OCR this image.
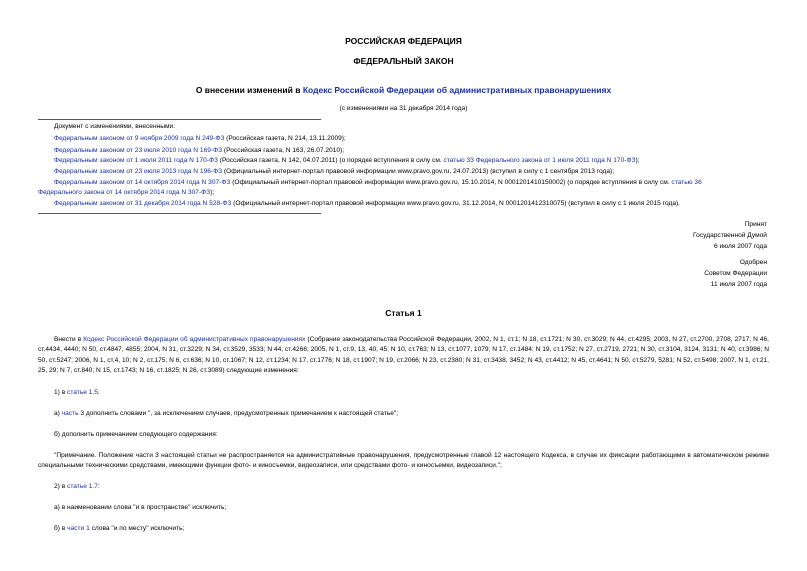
РОССИЙСКАЯ ФЕДЕРАЦИЯ
ФЕДЕРАЛЬНЫЙ ЗАКОН
О внесении изменений в Кодекс Российской Федерации об административных правонарушениях
(с изменениями на 31 декабря 2014 года)
Документ с изменениями, внесенными:
Федеральным законом от 9 ноября 2009 года N 249-ФЗ (Российская газета, N 214, 13.11.2009);
Федеральным законом от 23 июля 2010 года N 169-ФЗ (Российская газета, N 163, 26.07.2010);
Федеральным законом от 1 июля 2011 года N 170-ФЗ (Российская газета, N 142, 04.07.2011) (о порядке вступления в силу см. статью 33 Федерального закона от 1 июля 2011 года N 170-ФЗ);
Федеральным законом от 23 июля 2013 года N 196-ФЗ (Официальный интернет-портал правовой информации www.pravo.gov.ru, 24.07.2013) (вступил в силу с 1 сентября 2013 года);
Федеральным законом от 14 октября 2014 года N 307-ФЗ (Официальный интернет-портал правовой информации www.pravo.gov.ru, 15.10.2014, N 0001201410150002) (о порядке вступления в силу см. статью 36
Федерального закона от 14 октября 2014 года N 307-ФЗ);
Федеральным законом от 31 декабря 2014 года N 528-ФЗ (Официальный интернет-портал правовой информации www.pravo.gov.ru, 31.12.2014, N 0001201412310075) (вступил в силу с 1 июля 2015 года).
Принят
Государственной Думой
6 июля 2007 года
Одобрен
Советом Федерации
11 июля 2007 года
Статья 1
Внести в Кодекс Российской Федерации об административных правонарушениях (Собрание законодательства Российской Федерации, 2002, N 1, ст.1; N 18, ст.1721; N 30, ст.3029; N 44, ст.4295; 2003, N 27, ст.2700, 2708, 2717; N 46, ст.4434, 4440; N 50, ст.4847, 4855; 2004, N 31, ст.3229; N 34, ст.3529, 3533; N 44, ст.4266; 2005, N 1, ст.9, 13, 40, 45; N 10, ст.763; N 13, ст.1077, 1079; N 17, ст.1484; N 19, ст.1752; N 27, ст.2719, 2721; N 30, ст.3104, 3124, 3131; N 40, ст.3986; N 50, ст.5247; 2006, N 1, ст.4, 10; N 2, ст.175; N 6, ст.636; N 10, ст.1067; N 12, ст.1234; N 17, ст.1776; N 18, ст.1907; N 19, ст.2066; N 23, ст.2380; N 31, ст.3438, 3452; N 43, ст.4412; N 45, ст.4641; N 50, ст.5279, 5281; N 52, ст.5498; 2007, N 1, ст.21, 25, 29; N 7, ст.840; N 15, ст.1743; N 16, ст.1825; N 26, ст.3089) следующие изменения:
1) в статье 1.5:
а) часть 3 дополнить словами ", за исключением случаев, предусмотренных примечанием к настоящей статье";
б) дополнить примечанием следующего содержания:
"Примечание. Положение части 3 настоящей статьи не распространяется на административные правонарушения, предусмотренные главой 12 настоящего Кодекса, в случае их фиксации работающими в автоматическом режиме специальными техническими средствами, имеющими функции фото- и киносъемки, видеозаписи, или средствами фото- и киносъемки, видеозаписи.";
2) в статье 1.7:
а) в наименовании слова "и в пространстве" исключить;
б) в части 1 слова "и по месту" исключить;
